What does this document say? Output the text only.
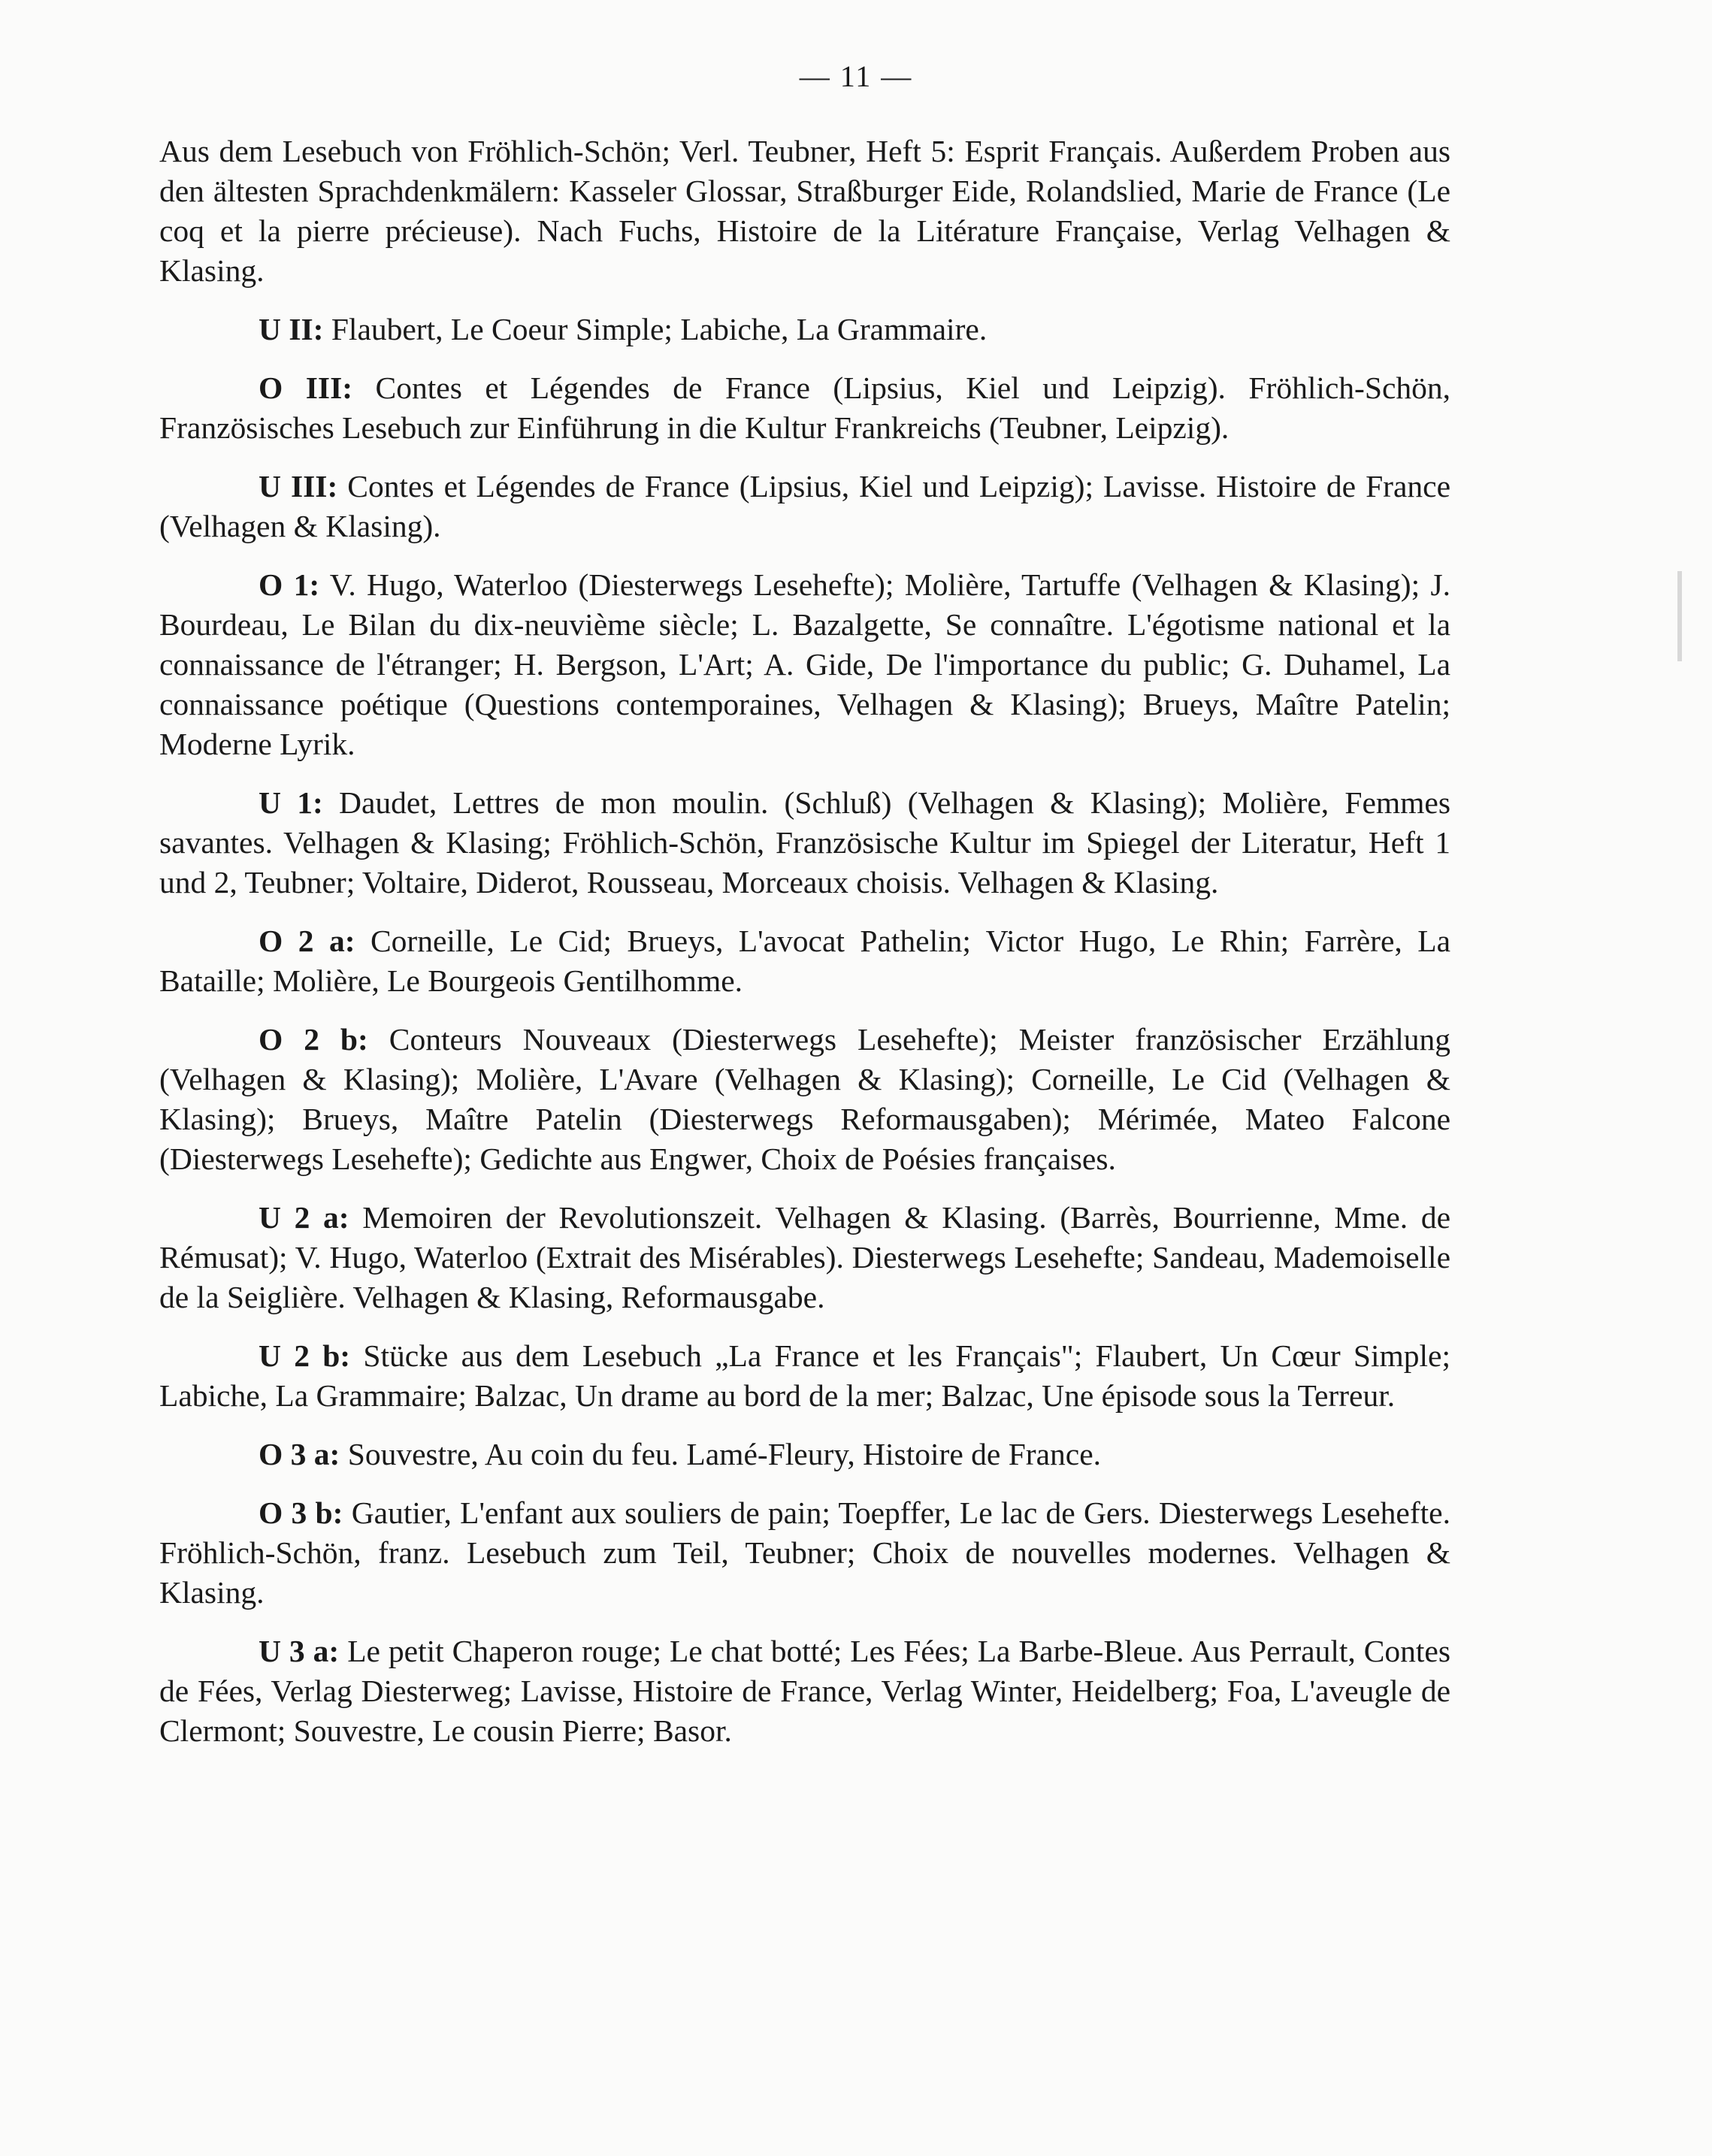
— 11 —

Aus dem Lesebuch von Fröhlich-Schön; Verl. Teubner, Heft 5: Esprit Français. Außerdem Proben aus den ältesten Sprachdenkmälern: Kasseler Glossar, Straßburger Eide, Rolandslied, Marie de France (Le coq et la pierre précieuse). Nach Fuchs, Histoire de la Litérature Française, Verlag Velhagen & Klasing.

U II: Flaubert, Le Coeur Simple; Labiche, La Grammaire.

O III: Contes et Légendes de France (Lipsius, Kiel und Leipzig). Fröhlich-Schön, Französisches Lesebuch zur Einführung in die Kultur Frankreichs (Teubner, Leipzig).

U III: Contes et Légendes de France (Lipsius, Kiel und Leipzig); Lavisse. Histoire de France (Velhagen & Klasing).

O 1: V. Hugo, Waterloo (Diesterwegs Lesehefte); Molière, Tartuffe (Velhagen & Klasing); J. Bourdeau, Le Bilan du dix-neuvième siècle; L. Bazalgette, Se connaître. L'égotisme national et la connaissance de l'étranger; H. Bergson, L'Art; A. Gide, De l'importance du public; G. Duhamel, La connaissance poétique (Questions contemporaines, Velhagen & Klasing); Brueys, Maître Patelin; Moderne Lyrik.

U 1: Daudet, Lettres de mon moulin. (Schluß) (Velhagen & Klasing); Molière, Femmes savantes. Velhagen & Klasing; Fröhlich-Schön, Französische Kultur im Spiegel der Literatur, Heft 1 und 2, Teubner; Voltaire, Diderot, Rousseau, Morceaux choisis. Velhagen & Klasing.

O 2 a: Corneille, Le Cid; Brueys, L'avocat Pathelin; Victor Hugo, Le Rhin; Farrère, La Bataille; Molière, Le Bourgeois Gentilhomme.

O 2 b: Conteurs Nouveaux (Diesterwegs Lesehefte); Meister französischer Erzählung (Velhagen & Klasing); Molière, L'Avare (Velhagen & Klasing); Corneille, Le Cid (Velhagen & Klasing); Brueys, Maître Patelin (Diesterwegs Reformausgaben); Mérimée, Mateo Falcone (Diesterwegs Lesehefte); Gedichte aus Engwer, Choix de Poésies françaises.

U 2 a: Memoiren der Revolutionszeit. Velhagen & Klasing. (Barrès, Bourrienne, Mme. de Rémusat); V. Hugo, Waterloo (Extrait des Misérables). Diesterwegs Lesehefte; Sandeau, Mademoiselle de la Seiglière. Velhagen & Klasing, Reformausgabe.

U 2 b: Stücke aus dem Lesebuch „La France et les Français"; Flaubert, Un Cœur Simple; Labiche, La Grammaire; Balzac, Un drame au bord de la mer; Balzac, Une épisode sous la Terreur.

O 3 a: Souvestre, Au coin du feu. Lamé-Fleury, Histoire de France.

O 3 b: Gautier, L'enfant aux souliers de pain; Toepffer, Le lac de Gers. Diesterwegs Lesehefte. Fröhlich-Schön, franz. Lesebuch zum Teil, Teubner; Choix de nouvelles modernes. Velhagen & Klasing.

U 3 a: Le petit Chaperon rouge; Le chat botté; Les Fées; La Barbe-Bleue. Aus Perrault, Contes de Fées, Verlag Diesterweg; Lavisse, Histoire de France, Verlag Winter, Heidelberg; Foa, L'aveugle de Clermont; Souvestre, Le cousin Pierre; Basor.
